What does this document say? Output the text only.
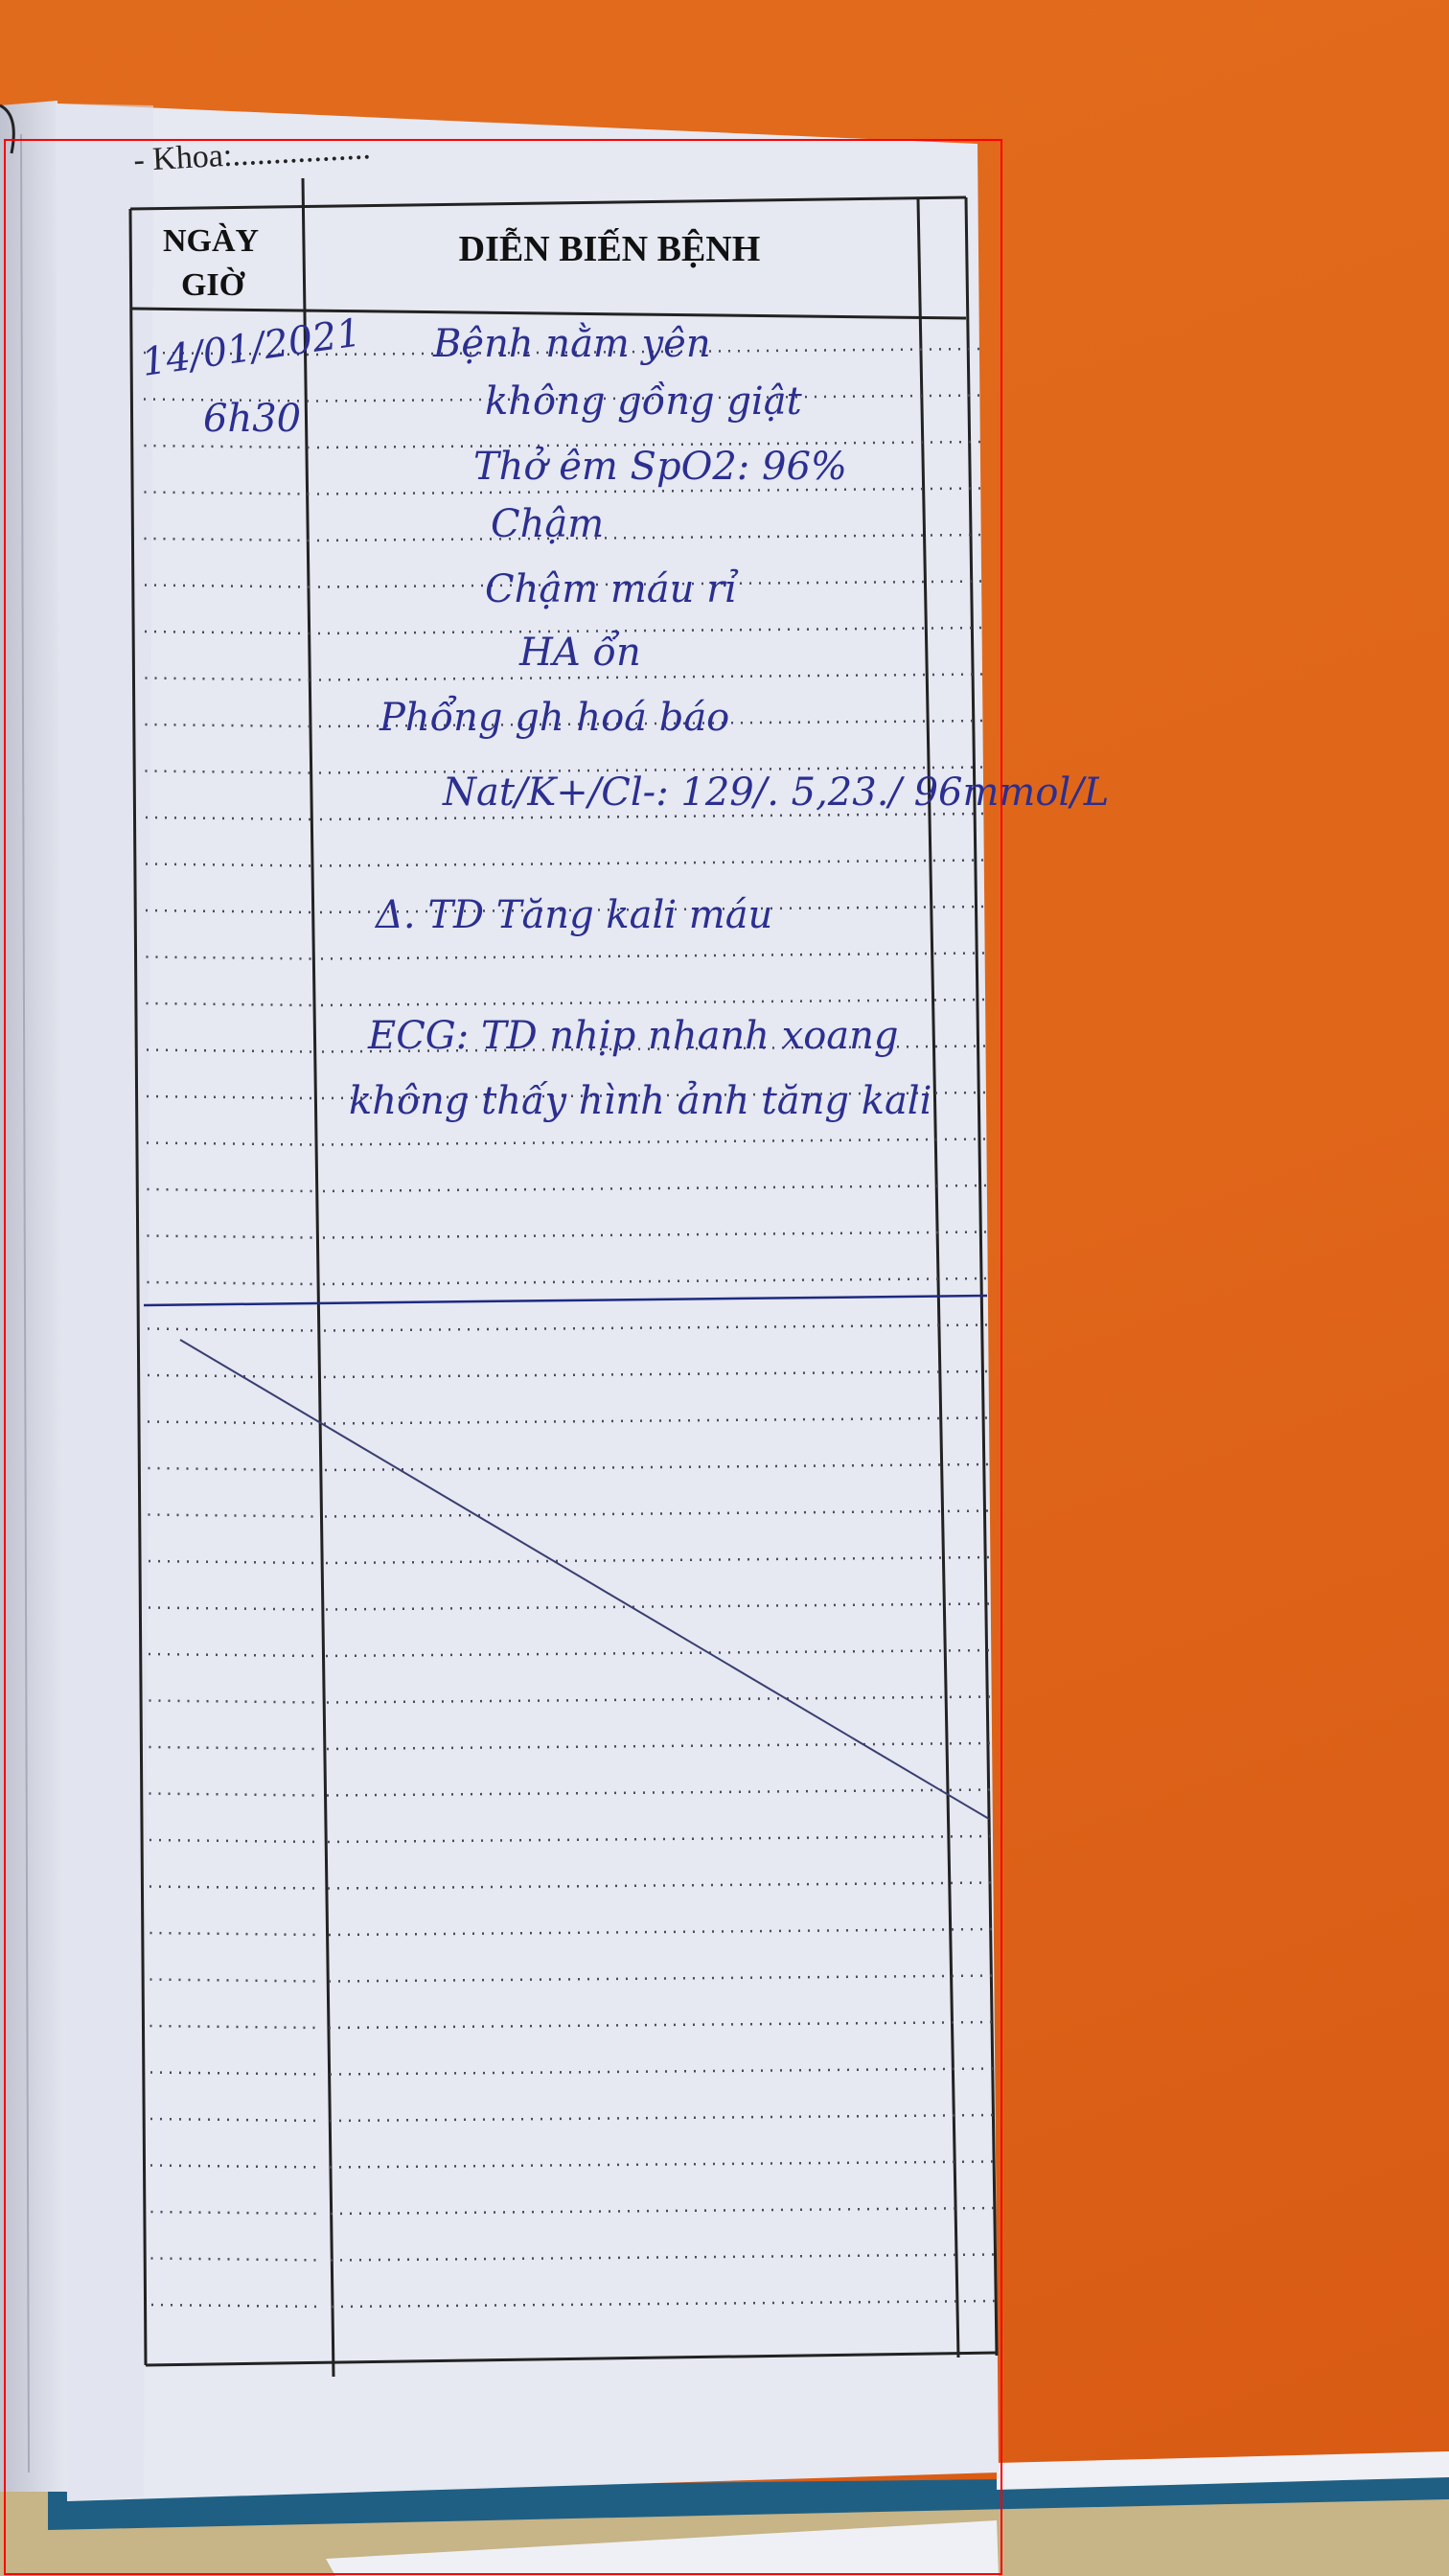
- Khoa:.................
NGÀY
GIỜ
DIỄN BIẾN BỆNH
14/01/2021
6h30
Bệnh nằm yên
không gồng giật
Thở êm SpO2: 96%
Chậm
Chậm máu rỉ
HA ổn
Phổng gh hoá báo
Nat/K+/Cl-: 129/. 5,23./ 96mmol/L
Δ. TD Tăng kali máu
ECG: TD nhịp nhanh xoang
không thấy hình ảnh tăng kali
